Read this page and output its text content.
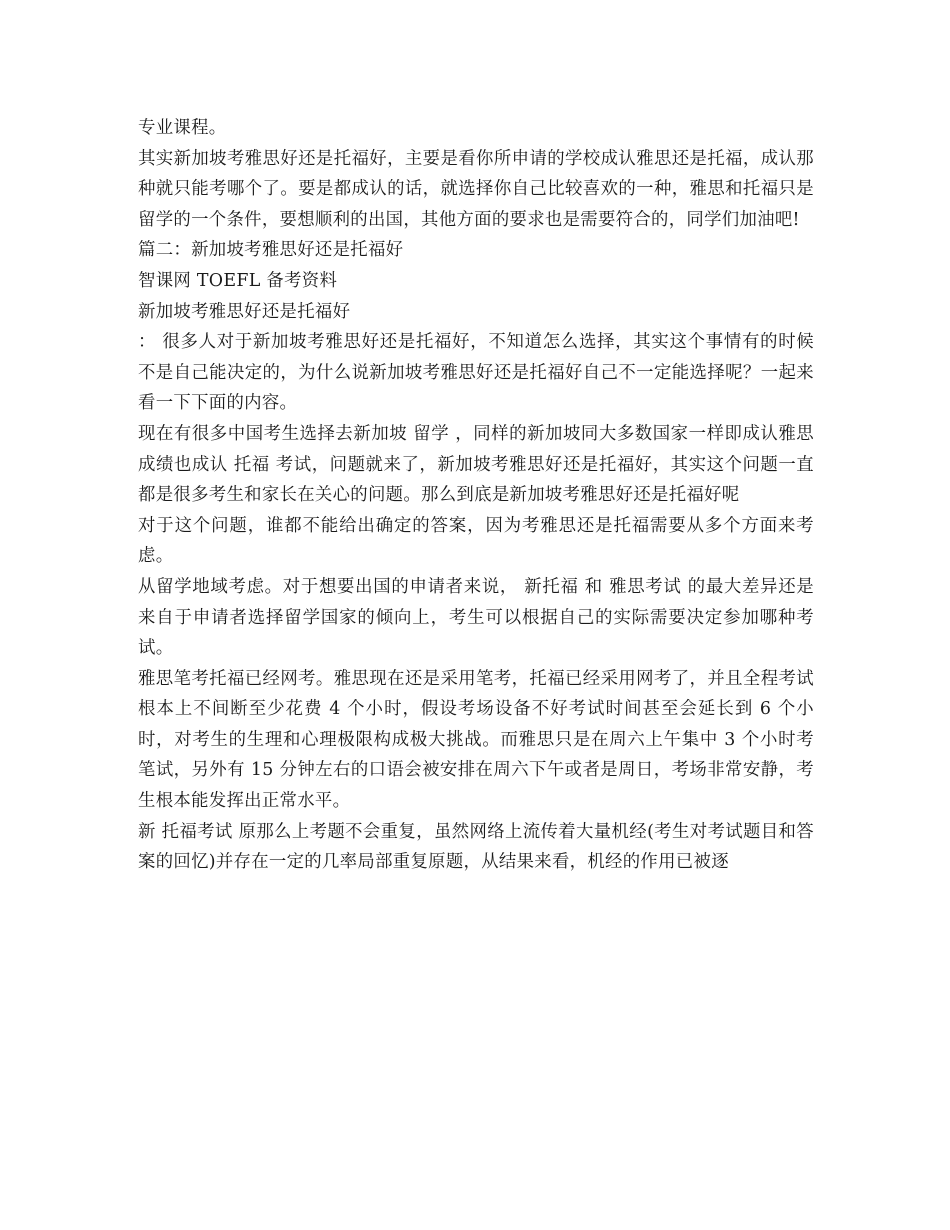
专业课程。

其实新加坡考雅思好还是托福好，主要是看你所申请的学校成认雅思还是托福，成认那种就只能考哪个了。要是都成认的话，就选择你自己比较喜欢的一种，雅思和托福只是留学的一个条件，要想顺利的出国，其他方面的要求也是需要符合的，同学们加油吧!

篇二：新加坡考雅思好还是托福好

智课网 TOEFL 备考资料

新加坡考雅思好还是托福好

： 很多人对于新加坡考雅思好还是托福好，不知道怎么选择，其实这个事情有的时候不是自己能决定的，为什么说新加坡考雅思好还是托福好自己不一定能选择呢？一起来看一下下面的内容。

现在有很多中国考生选择去新加坡 留学 ，同样的新加坡同大多数国家一样即成认雅思 成绩也成认 托福 考试，问题就来了，新加坡考雅思好还是托福好，其实这个问题一直都是很多考生和家长在关心的问题。那么到底是新加坡考雅思好还是托福好呢

对于这个问题，谁都不能给出确定的答案，因为考雅思还是托福需要从多个方面来考虑。

从留学地域考虑。对于想要出国的申请者来说， 新托福 和 雅思考试 的最大差异还是来自于申请者选择留学国家的倾向上，考生可以根据自己的实际需要决定参加哪种考试。

雅思笔考托福已经网考。雅思现在还是采用笔考，托福已经采用网考了，并且全程考试根本上不间断至少花费 4 个小时，假设考场设备不好考试时间甚至会延长到 6 个小时，对考生的生理和心理极限构成极大挑战。而雅思只是在周六上午集中 3 个小时考笔试，另外有 15 分钟左右的口语会被安排在周六下午或者是周日，考场非常安静，考生根本能发挥出正常水平。

新 托福考试 原那么上考题不会重复，虽然网络上流传着大量机经(考生对考试题目和答案的回忆)并存在一定的几率局部重复原题，从结果来看，机经的作用已被逐
